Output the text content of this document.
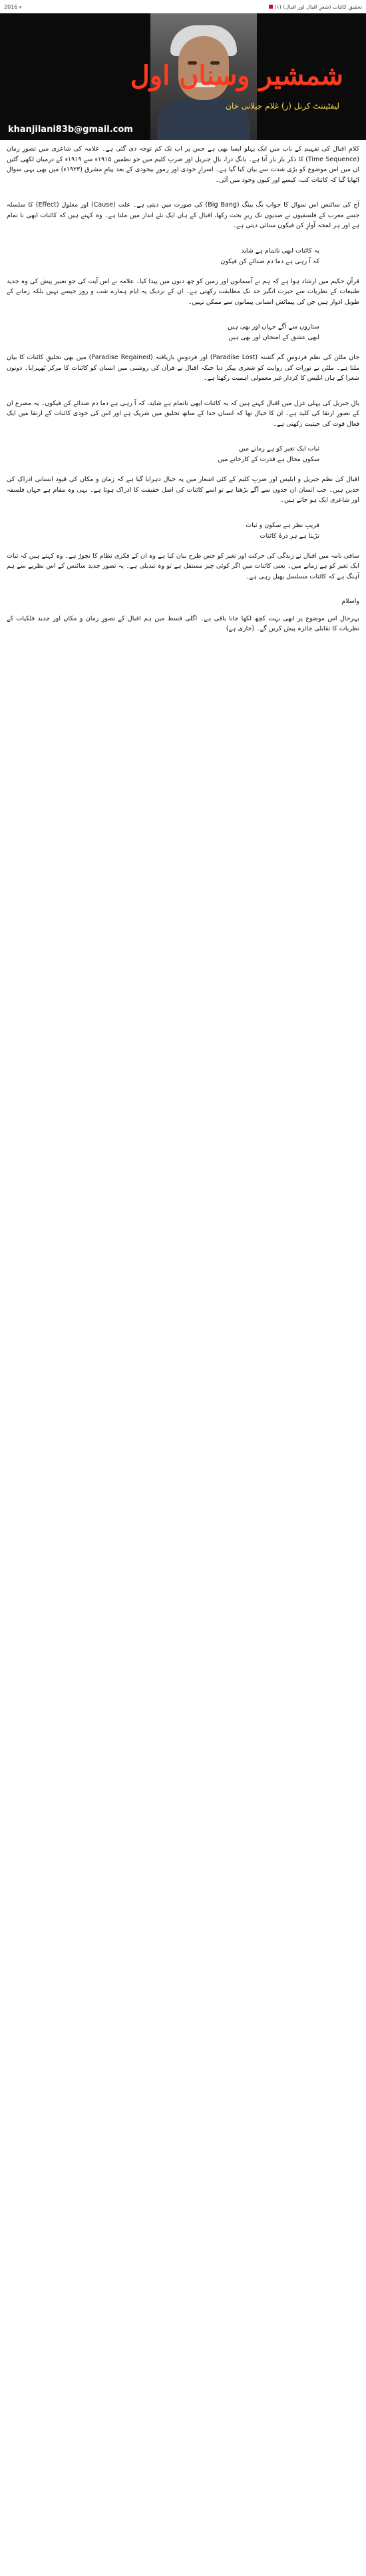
2016 ء	تحقیقِ کائنات (شعرِ اقبال اور اقبال) (۱)
شمشیر وسناں اول
لیفٹیننٹ کرنل (ر) غلام جیلانی خان
khanjilani83b@gmail.com

کلامِ اقبال کی تفہیم کے باب میں ایک پہلو ایسا بھی ہے جس پر اب تک کم توجہ دی گئی ہے۔ علامہ کی شاعری میں تصورِ زمان (Time Sequence) کا ذکر بار بار آتا ہے۔ بانگِ درا، بالِ جبریل اور ضربِ کلیم میں جو نظمیں ۱۹۱۵ء سے ۱۹۱۹ء کے درمیان لکھی گئیں ان میں اس موضوع کو بڑی شدت سے بیان کیا گیا ہے۔ اسرارِ خودی اور رموزِ بیخودی کے بعد پیامِ مشرق (۱۹۲۳ء) میں بھی یہی سوال اٹھایا گیا کہ کائنات کب، کیسے اور کیوں وجود میں آئی۔

آج کی سائنس اس سوال کا جواب بگ بینگ (Big Bang) کی صورت میں دیتی ہے۔ علت (Cause) اور معلول (Effect) کا سلسلہ جسے مغرب کے فلسفیوں نے صدیوں تک زیرِ بحث رکھا، اقبال کے ہاں ایک نئے انداز میں ملتا ہے۔ وہ کہتے ہیں کہ کائنات ابھی نا تمام ہے اور ہر لمحہ آوازِ کن فیکون سنائی دیتی ہے۔

یہ کائنات ابھی ناتمام ہے شاید
کہ آ رہی ہے دما دم صدائے کن فیکون

قرآنِ حکیم میں ارشاد ہوا ہے کہ ہم نے آسمانوں اور زمین کو چھ دنوں میں پیدا کیا۔ علامہ نے اس آیت کی جو تعبیر پیش کی وہ جدید طبیعات کے نظریات سے حیرت انگیز حد تک مطابقت رکھتی ہے۔ ان کے نزدیک یہ ایام ہمارے شب و روز جیسے نہیں بلکہ زمانے کے طویل ادوار ہیں جن کی پیمائش انسانی پیمانوں سے ممکن نہیں۔

ستاروں سے آگے جہاں اور بھی ہیں
ابھی عشق کے امتحاں اور بھی ہیں

جان ملٹن کی نظم فردوسِ گم گشتہ (Paradise Lost) اور فردوسِ بازیافتہ (Paradise Regained) میں بھی تخلیقِ کائنات کا بیان ملتا ہے۔ ملٹن نے تورات کی روایت کو شعری پیکر دیا جبکہ اقبال نے قرآن کی روشنی میں انسان کو کائنات کا مرکز ٹھہرایا۔ دونوں شعرا کے ہاں ابلیس کا کردار غیر معمولی اہمیت رکھتا ہے۔

بالِ جبریل کی پہلی غزل میں اقبال کہتے ہیں کہ یہ کائنات ابھی ناتمام ہے شاید، کہ آ رہی ہے دما دم صدائے کن فیکون۔ یہ مصرع ان کے تصورِ ارتقا کی کلید ہے۔ ان کا خیال تھا کہ انسان خدا کے ساتھ تخلیق میں شریک ہے اور اس کی خودی کائنات کے ارتقا میں ایک فعال قوت کی حیثیت رکھتی ہے۔

ثبات ایک تغیر کو ہے زمانے میں
سکوں محال ہے قدرت کے کارخانے میں

اقبال کی نظم جبریل و ابلیس اور ضربِ کلیم کے کئی اشعار میں یہ خیال دہرایا گیا ہے کہ زمان و مکاں کی قیود انسانی ادراک کی حدیں ہیں۔ جب انسان ان حدوں سے آگے بڑھتا ہے تو اسے کائنات کی اصل حقیقت کا ادراک ہوتا ہے۔ یہی وہ مقام ہے جہاں فلسفہ اور شاعری ایک ہو جاتے ہیں۔

فریبِ نظر ہے سکون و ثبات
تڑپتا ہے ہر ذرۂ کائنات

ساقی نامہ میں اقبال نے زندگی کی حرکت اور تغیر کو جس طرح بیان کیا ہے وہ ان کے فکری نظام کا نچوڑ ہے۔ وہ کہتے ہیں کہ ثبات ایک تغیر کو ہے زمانے میں۔ یعنی کائنات میں اگر کوئی چیز مستقل ہے تو وہ تبدیلی ہے۔ یہ تصور جدید سائنس کے اس نظریے سے ہم آہنگ ہے کہ کائنات مسلسل پھیل رہی ہے۔

واسلام

بہرحال اس موضوع پر ابھی بہت کچھ لکھا جانا باقی ہے۔ اگلی قسط میں ہم اقبال کے تصورِ زمان و مکاں اور جدید فلکیات کے نظریات کا تقابلی جائزہ پیش کریں گے۔ (جاری ہے)
